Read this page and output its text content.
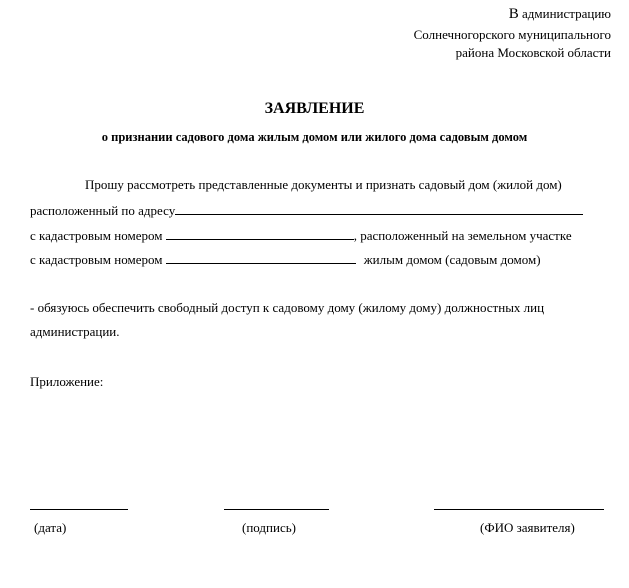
В администрацию
Солнечногорского муниципального
района Московской области
ЗАЯВЛЕНИЕ
о признании садового дома жилым домом или жилого дома садовым домом
Прошу рассмотреть представленные документы и признать садовый дом (жилой дом)
расположенный по адресу
с кадастровым номером	, расположенный на земельном участке
с кадастровым номером	жилым домом (садовым домом)
- обязуюсь обеспечить свободный доступ к садовому дому (жилому дому) должностных лиц
администрации.
Приложение:
(дата)	(подпись)	(ФИО заявителя)
